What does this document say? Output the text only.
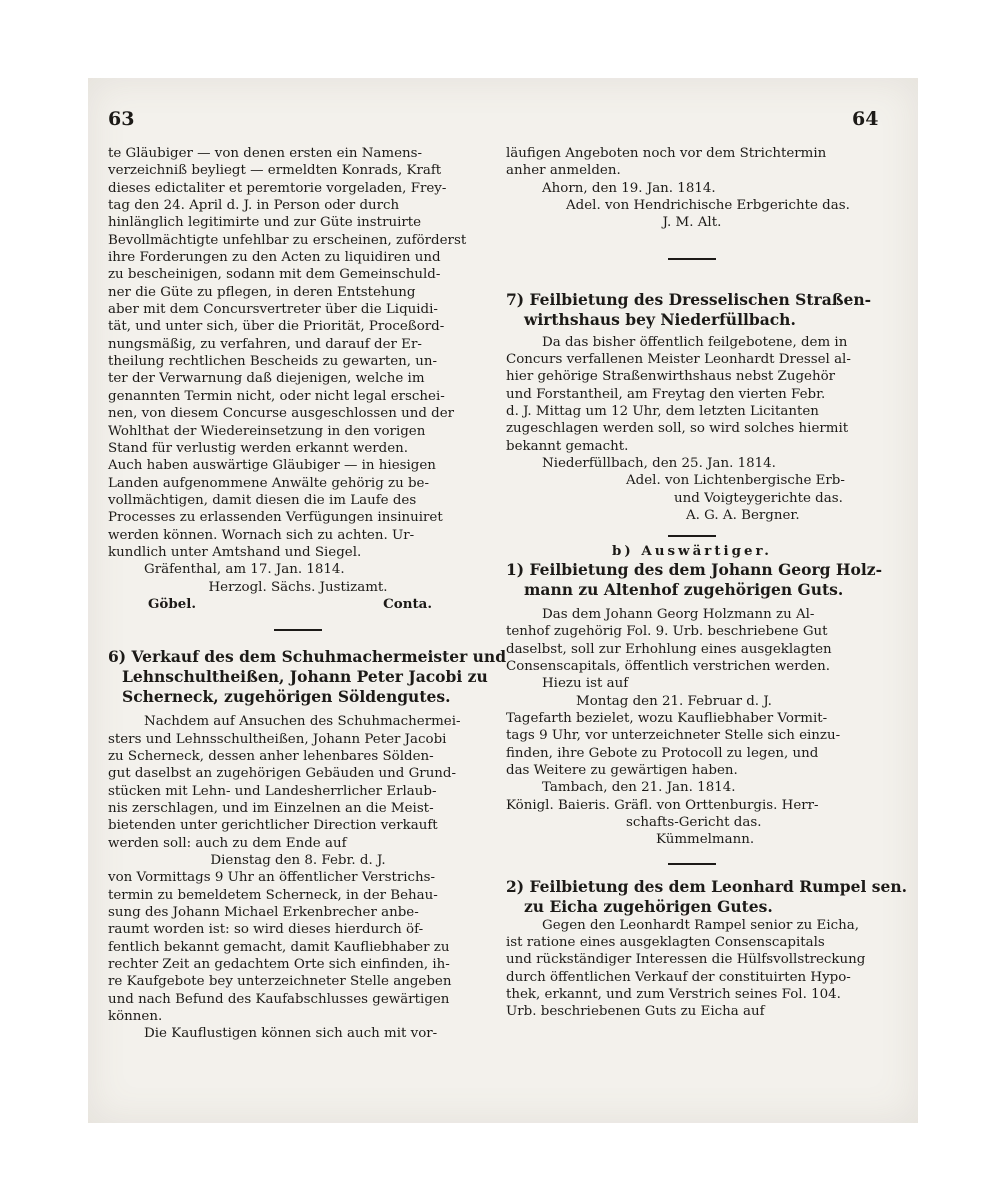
63	64
te Gläubiger — von denen ersten ein Namens-
verzeichniß beyliegt — ermeldten Konrads, Kraft
dieses edictaliter et peremtorie vorgeladen, Frey-
tag den 24. April d. J. in Person oder durch
hinlänglich legitimirte und zur Güte instruirte
Bevollmächtigte unfehlbar zu erscheinen, zuförderst
ihre Forderungen zu den Acten zu liquidiren und
zu bescheinigen, sodann mit dem Gemeinschuld-
ner die Güte zu pflegen, in deren Entstehung
aber mit dem Concursvertreter über die Liquidi-
tät, und unter sich, über die Priorität, Proceßord-
nungsmäßig, zu verfahren, und darauf der Er-
theilung rechtlichen Bescheids zu gewarten, un-
ter der Verwarnung daß diejenigen, welche im
genannten Termin nicht, oder nicht legal erschei-
nen, von diesem Concurse ausgeschlossen und der
Wohlthat der Wiedereinsetzung in den vorigen
Stand für verlustig werden erkannt werden.
Auch haben auswärtige Gläubiger — in hiesigen
Landen aufgenommene Anwälte gehörig zu be-
vollmächtigen, damit diesen die im Laufe des
Processes zu erlassenden Verfügungen insinuiret
werden können. Wornach sich zu achten. Ur-
kundlich unter Amtshand und Siegel.
Gräfenthal, am 17. Jan. 1814.
Herzogl. Sächs. Justizamt.
Göbel.	Conta.
6) Verkauf des dem Schuhmachermeister und
Lehnschultheißen, Johann Peter Jacobi zu
Scherneck, zugehörigen Söldengutes.
Nachdem auf Ansuchen des Schuhmachermei-
sters und Lehnsschultheißen, Johann Peter Jacobi
zu Scherneck, dessen anher lehenbares Sölden-
gut daselbst an zugehörigen Gebäuden und Grund-
stücken mit Lehn- und Landesherrlicher Erlaub-
nis zerschlagen, und im Einzelnen an die Meist-
bietenden unter gerichtlicher Direction verkauft
werden soll: auch zu dem Ende auf
Dienstag den 8. Febr. d. J.
von Vormittags 9 Uhr an öffentlicher Verstrichs-
termin zu bemeldetem Scherneck, in der Behau-
sung des Johann Michael Erkenbrecher anbe-
raumt worden ist: so wird dieses hierdurch öf-
fentlich bekannt gemacht, damit Kaufliebhaber zu
rechter Zeit an gedachtem Orte sich einfinden, ih-
re Kaufgebote bey unterzeichneter Stelle angeben
und nach Befund des Kaufabschlusses gewärtigen
können.
Die Kauflustigen können sich auch mit vor-
läufigen Angeboten noch vor dem Strichtermin
anher anmelden.
Ahorn, den 19. Jan. 1814.
Adel. von Hendrichische Erbgerichte das.
J. M. Alt.
7) Feilbietung des Dresselischen Straßen-
wirthshaus bey Niederfüllbach.
Da das bisher öffentlich feilgebotene, dem in
Concurs verfallenen Meister Leonhardt Dressel al-
hier gehörige Straßenwirthshaus nebst Zugehör
und Forstantheil, am Freytag den vierten Febr.
d. J. Mittag um 12 Uhr, dem letzten Licitanten
zugeschlagen werden soll, so wird solches hiermit
bekannt gemacht.
Niederfüllbach, den 25. Jan. 1814.
Adel. von Lichtenbergische Erb-
und Voigteygerichte das.
A. G. A. Bergner.
b) Auswärtiger.
1) Feilbietung des dem Johann Georg Holz-
mann zu Altenhof zugehörigen Guts.
Das dem Johann Georg Holzmann zu Al-
tenhof zugehörig Fol. 9. Urb. beschriebene Gut
daselbst, soll zur Erhohlung eines ausgeklagten
Consenscapitals, öffentlich verstrichen werden.
Hiezu ist auf
Montag den 21. Februar d. J.
Tagefarth bezielet, wozu Kaufliebhaber Vormit-
tags 9 Uhr, vor unterzeichneter Stelle sich einzu-
finden, ihre Gebote zu Protocoll zu legen, und
das Weitere zu gewärtigen haben.
Tambach, den 21. Jan. 1814.
Königl. Baieris. Gräfl. von Orttenburgis. Herr-
schafts-Gericht das.
Kümmelmann.
2) Feilbietung des dem Leonhard Rumpel sen.
zu Eicha zugehörigen Gutes.
Gegen den Leonhardt Rampel senior zu Eicha,
ist ratione eines ausgeklagten Consenscapitals
und rückständiger Interessen die Hülfsvollstreckung
durch öffentlichen Verkauf der constituirten Hypo-
thek, erkannt, und zum Verstrich seines Fol. 104.
Urb. beschriebenen Guts zu Eicha auf
